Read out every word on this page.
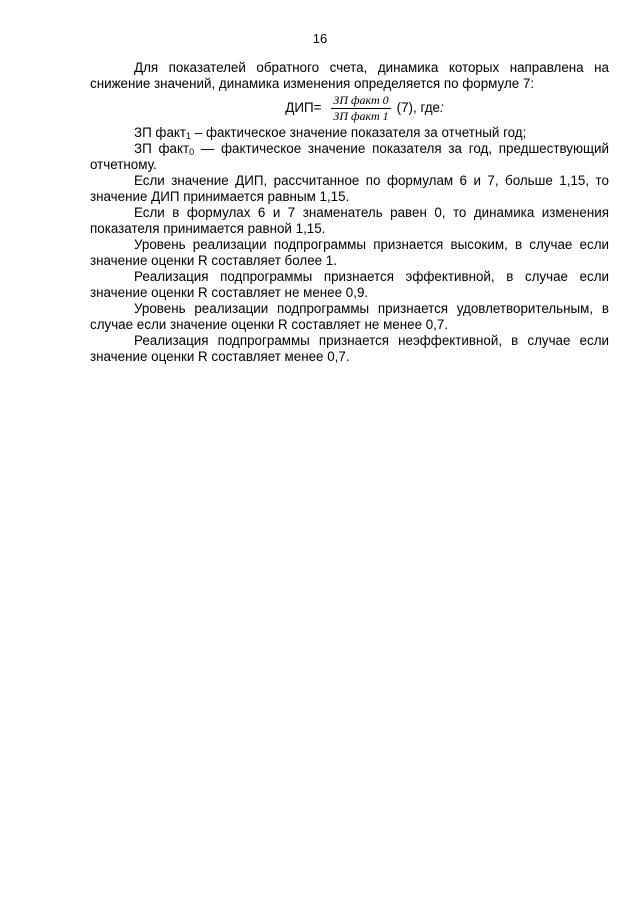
16

Для показателей обратного счета, динамика которых направлена на снижение значений, динамика изменения определяется по формуле 7:

$ДИП= \frac{\text{ЗП факт 0}}{\text{ЗП факт 1}} (7)$, где :

ЗП факт$_1$ – фактическое значение показателя за отчетный год;

ЗП факт$_0$ — фактическое значение показателя за год, предшествующий отчетному.

Если значение ДИП, рассчитанное по формулам 6 и 7, больше 1,15, то значение ДИП принимается равным 1,15.

Если в формулах 6 и 7 знаменатель равен 0, то динамика изменения показателя принимается равной 1,15.

Уровень реализации подпрограммы признается высоким, в случае если значение оценки R составляет более 1.

Реализация подпрограммы признается эффективной, в случае если значение оценки R составляет не менее 0,9.

Уровень реализации подпрограммы признается удовлетворительным, в случае если значение оценки R составляет не менее 0,7.

Реализация подпрограммы признается неэффективной, в случае если значение оценки R составляет менее 0,7.
